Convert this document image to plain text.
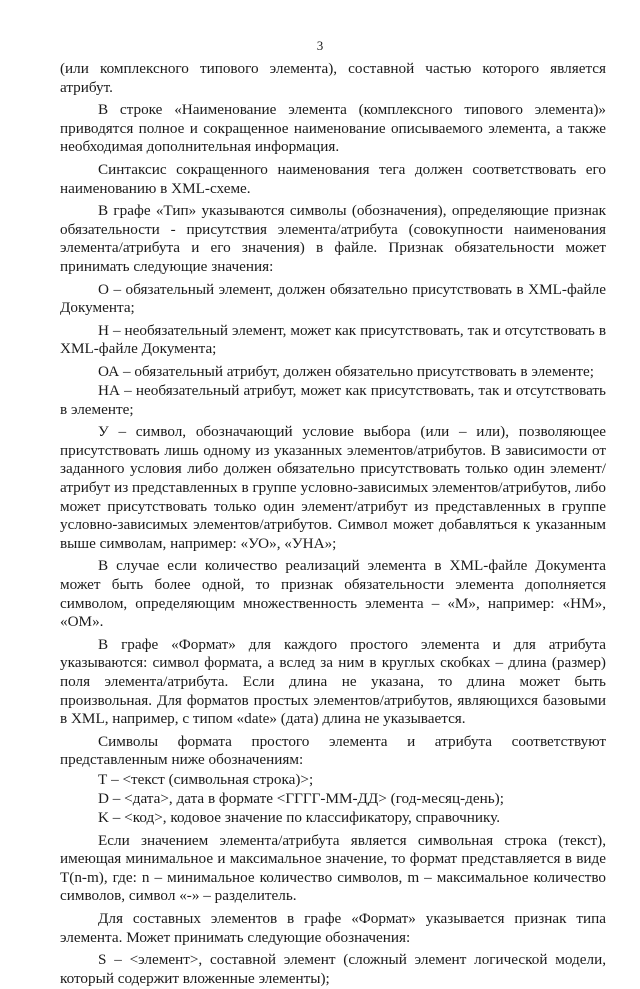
3

(или комплексного типового элемента), составной частью которого является атрибут.

В строке «Наименование элемента (комплексного типового элемента)» приводятся полное и сокращенное наименование описываемого элемента, а также необходимая дополнительная информация.

Синтаксис сокращенного наименования тега должен соответствовать его наименованию в XML-схеме.

В графе «Тип» указываются символы (обозначения), определяющие признак обязательности - присутствия элемента/атрибута (совокупности наименования элемента/атрибута и его значения) в файле. Признак обязательности может принимать следующие значения:

О – обязательный элемент, должен обязательно присутствовать в XML-файле Документа;

Н – необязательный элемент, может как присутствовать, так и отсутствовать в XML-файле Документа;

ОА – обязательный атрибут, должен обязательно присутствовать в элементе;

НА – необязательный атрибут, может как присутствовать, так и отсутствовать в элементе;

У – символ, обозначающий условие выбора (или – или), позволяющее присутствовать лишь одному из указанных элементов/атрибутов. В зависимости от заданного условия либо должен обязательно присутствовать только один элемент/атрибут из представленных в группе условно-зависимых элементов/атрибутов, либо может присутствовать только один элемент/атрибут из представленных в группе условно-зависимых элементов/атрибутов. Символ может добавляться к указанным выше символам, например: «УО», «УНА»;

В случае если количество реализаций элемента в XML-файле Документа может быть более одной, то признак обязательности элемента дополняется символом, определяющим множественность элемента – «М», например: «НМ», «ОМ».

В графе «Формат» для каждого простого элемента и для атрибута указываются: символ формата, а вслед за ним в круглых скобках – длина (размер) поля элемента/атрибута. Если длина не указана, то длина может быть произвольная. Для форматов простых элементов/атрибутов, являющихся базовыми в XML, например, с типом «date» (дата) длина не указывается.

Символы формата простого элемента и атрибута соответствуют представленным ниже обозначениям:

Т – <текст (символьная строка)>;

D – <дата>, дата в формате <ГГГГ-ММ-ДД> (год-месяц-день);

K – <код>, кодовое значение по классификатору, справочнику.

Если значением элемента/атрибута является символьная строка (текст), имеющая минимальное и максимальное значение, то формат представляется в виде Т(n-m), где: n – минимальное количество символов, m – максимальное количество символов, символ «-» – разделитель.

Для составных элементов в графе «Формат» указывается признак типа элемента. Может принимать следующие обозначения:

S – <элемент>, составной элемент (сложный элемент логической модели, который содержит вложенные элементы);
